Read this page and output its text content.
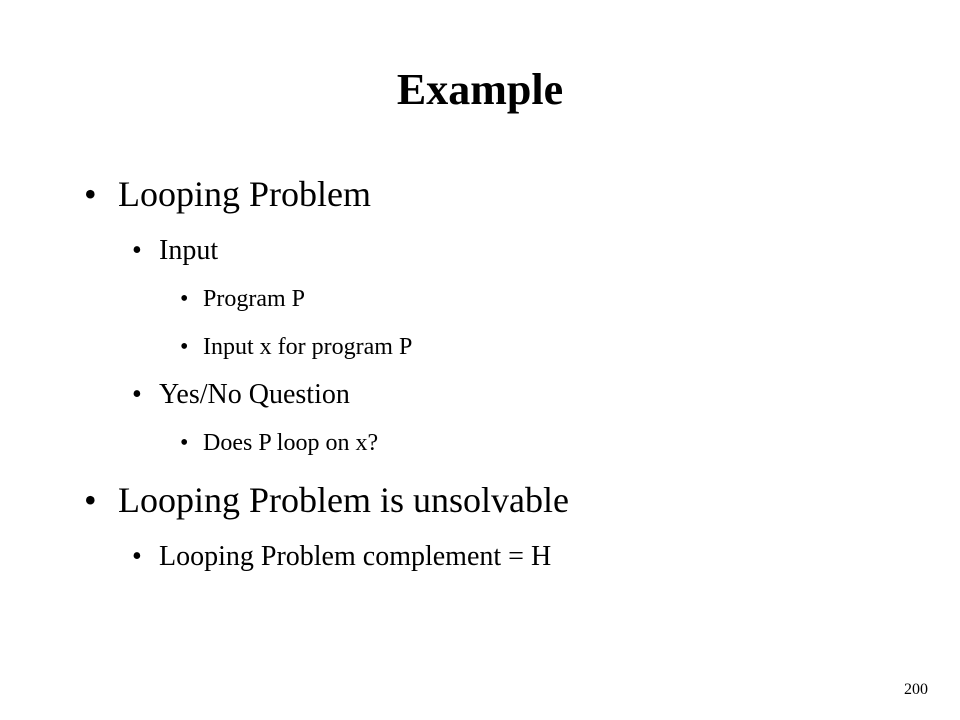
Example
• Looping Problem
• Input
• Program P
• Input x for program P
• Yes/No Question
• Does P loop on x?
• Looping Problem is unsolvable
• Looping Problem complement = H
200
